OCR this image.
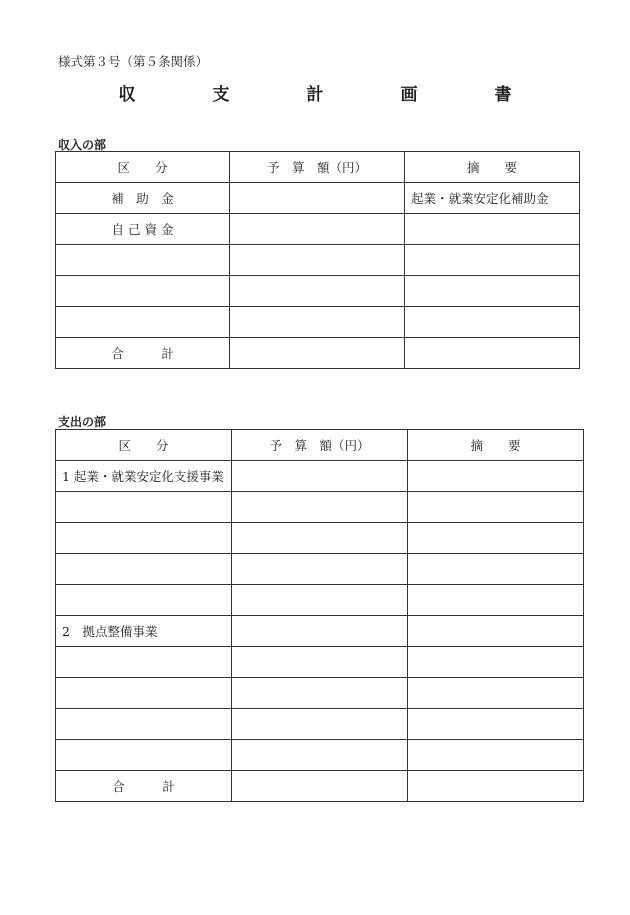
様式第３号（第５条関係）
収　支　計　画　書
収入の部
区　　分	予　算　額（円）	摘　　要
補　助　金		起業・就業安定化補助金
自 己 資 金		

合　　　計		
支出の部
区　　分	予　算　額（円）	摘　　要
1 起業・就業安定化支援事業		

2　拠点整備事業		

合　　　計		
